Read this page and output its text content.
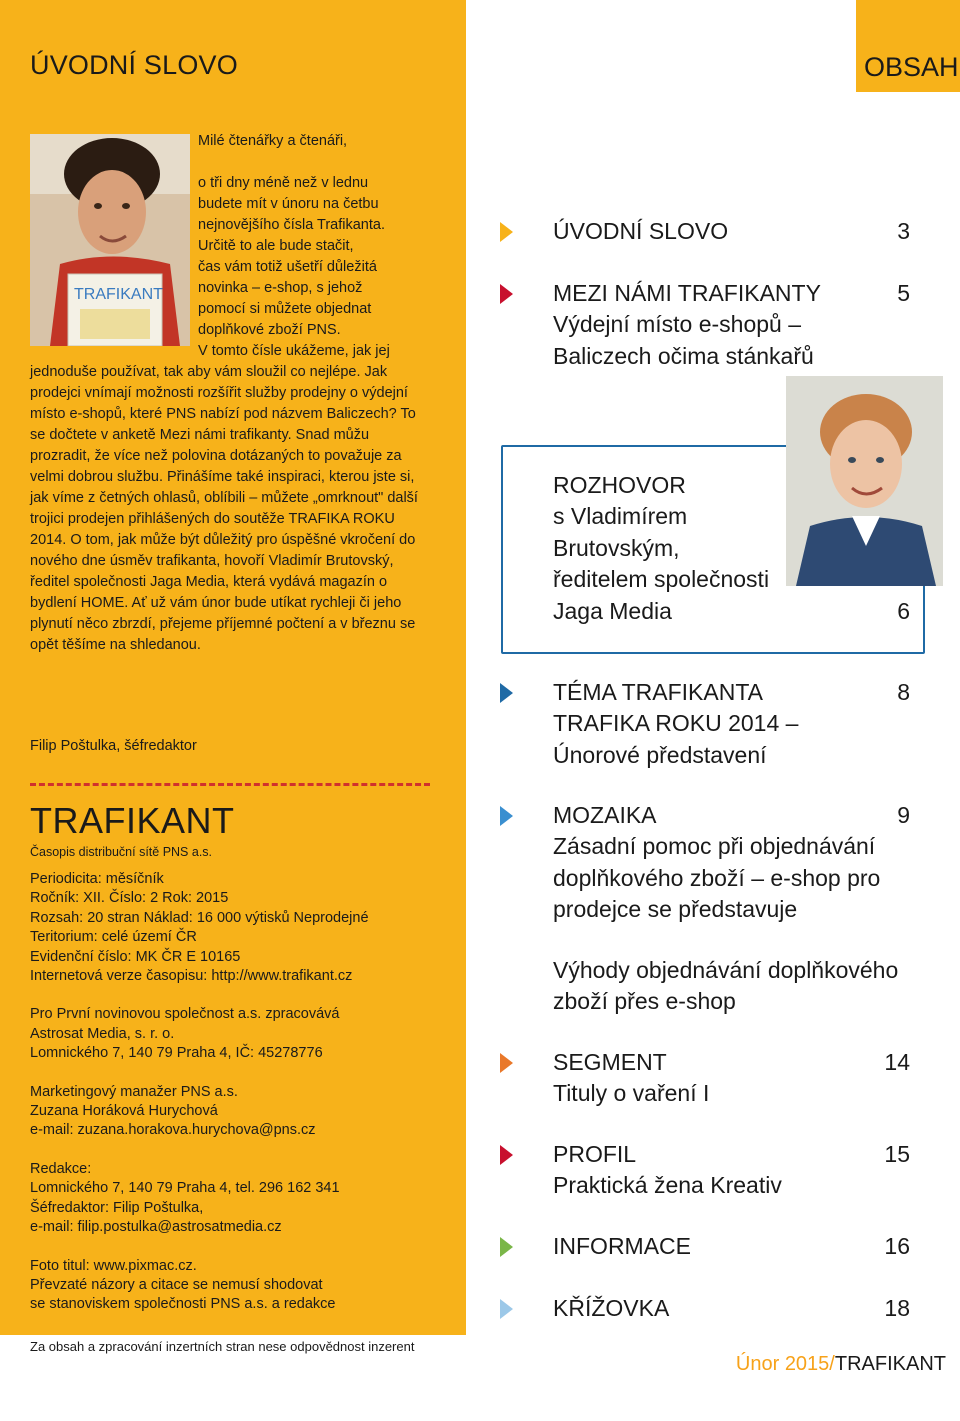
ÚVODNÍ SLOVO
TRAFIKANT
Milé čtenářky a čtenáři,
o tři dny méně než v lednu
budete mít v únoru na četbu
nejnovějšího čísla Trafikanta.
Určitě to ale bude stačit,
čas vám totiž ušetří důležitá
novinka – e-shop, s jehož
pomocí si můžete objednat
doplňkové zboží PNS.
V tomto čísle ukážeme, jak jej
jednoduše používat, tak aby vám sloužil co nejlépe. Jak prodejci vnímají možnosti rozšířit služby prodejny o výdejní místo e-shopů, které PNS nabízí pod názvem Baliczech? To se dočtete v anketě Mezi námi trafikanty. Snad můžu prozradit, že více než polovina dotázaných to považuje za velmi dobrou službu. Přinášíme také inspiraci, kterou jste si, jak víme z četných ohlasů, oblíbili – můžete „omrknout" další trojici prodejen přihlášených do soutěže TRAFIKA ROKU 2014. O tom, jak může být důležitý pro úspěšné vkročení do nového dne úsměv trafikanta, hovoří Vladimír Brutovský, ředitel společnosti Jaga Media, která vydává magazín o bydlení HOME. Ať už vám únor bude utíkat rychleji či jeho plynutí něco zbrzdí, přejeme příjemné počtení a v březnu se opět těšíme na shledanou.
Filip Poštulka, šéfredaktor
TRAFIKANT
Časopis distribuční sítě PNS a.s.

Periodicita: měsíčník

Ročník: XII. Číslo: 2 Rok: 2015

Rozsah: 20 stran Náklad: 16 000 výtisků Neprodejné

Teritorium: celé území ČR

Evidenční číslo: MK ČR E 10165

Internetová verze časopisu: http://www.trafikant.cz

Pro První novinovou společnost a.s. zpracovává

Astrosat Media, s. r. o.

Lomnického 7, 140 79 Praha 4, IČ: 45278776

Marketingový manažer PNS a.s.

Zuzana Horáková Hurychová

e-mail: zuzana.horakova.hurychova@pns.cz

Redakce:

Lomnického 7, 140 79 Praha 4, tel. 296 162 341

Šéfredaktor: Filip Poštulka,

e-mail: filip.postulka@astrosatmedia.cz

Foto titul: www.pixmac.cz.

Převzaté názory a citace se nemusí shodovat

se stanoviskem společnosti PNS a.s. a redakce

Za obsah a zpracování inzertních stran nese odpovědnost inzerent
OBSAH
ÚVODNÍ SLOVO	3
MEZI NÁMI TRAFIKANTY	5
Výdejní místo e-shopů –
Baliczech očima stánkařů
ROZHOVOR
s Vladimírem
Brutovským,
ředitelem společnosti
Jaga Media	6
TÉMA TRAFIKANTA	8
TRAFIKA ROKU 2014 –
Únorové představení
MOZAIKA	9
Zásadní pomoc při objednávání
doplňkového zboží – e-shop pro
prodejce se představuje
Výhody objednávání doplňkového
zboží přes e-shop
SEGMENT	14
Tituly o vaření I
PROFIL	15
Praktická žena Kreativ
INFORMACE	16
KŘÍŽOVKA	18
Únor 2015/TRAFIKANT
